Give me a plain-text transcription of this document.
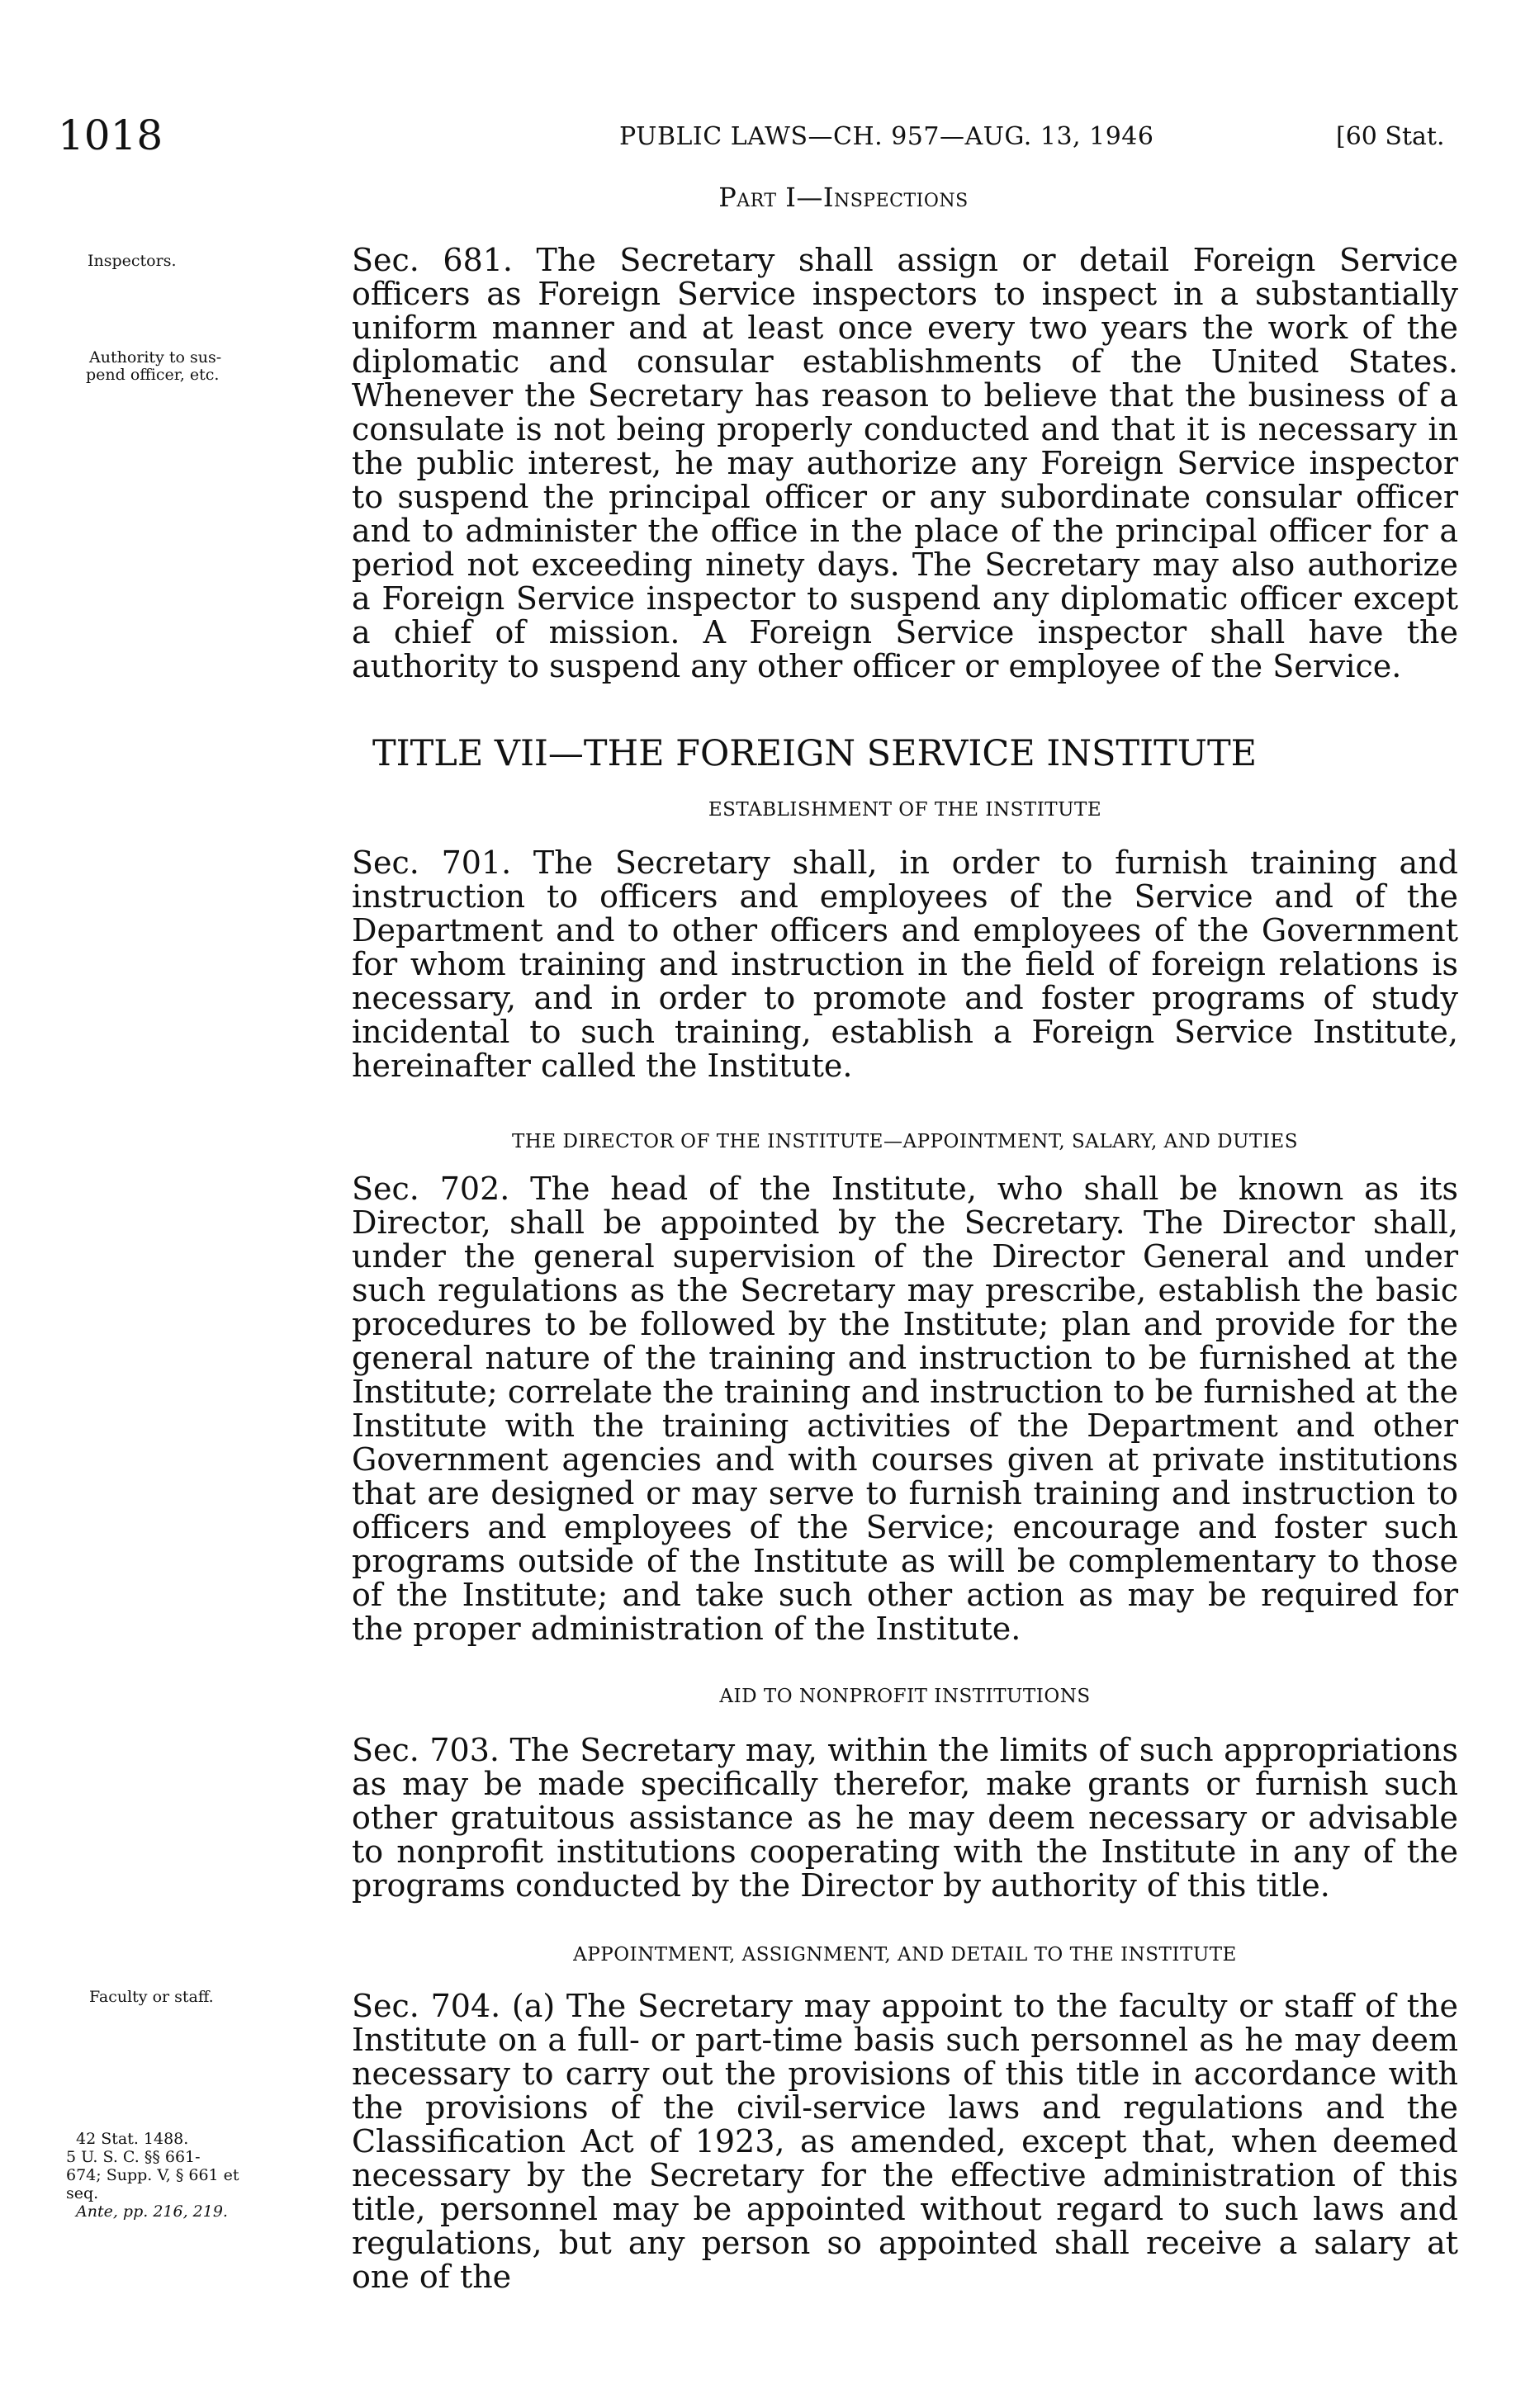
1018	PUBLIC LAWS—CH. 957—AUG. 13, 1946	[60 Stat.
Part I—Inspections
Inspectors.
Authority to sus-
pend officer, etc.
Faculty or staff.
42 Stat. 1488.
5 U. S. C. §§ 661-
674; Supp. V, § 661 et
seq.
Ante, pp. 216, 219.
Sec. 681. The Secretary shall assign or detail Foreign Service officers as Foreign Service inspectors to inspect in a substantially uniform manner and at least once every two years the work of the diplomatic and consular establishments of the United States. Whenever the Secretary has reason to believe that the business of a consulate is not being properly conducted and that it is necessary in the public interest, he may authorize any Foreign Service inspector to suspend the principal officer or any subordinate consular officer and to administer the office in the place of the principal officer for a period not exceeding ninety days. The Secretary may also authorize a Foreign Service inspector to suspend any diplomatic officer except a chief of mission. A Foreign Service inspector shall have the authority to suspend any other officer or employee of the Service.
TITLE VII—THE FOREIGN SERVICE INSTITUTE
ESTABLISHMENT OF THE INSTITUTE
Sec. 701. The Secretary shall, in order to furnish training and instruction to officers and employees of the Service and of the Department and to other officers and employees of the Government for whom training and instruction in the field of foreign relations is necessary, and in order to promote and foster programs of study incidental to such training, establish a Foreign Service Institute, hereinafter called the Institute.
THE DIRECTOR OF THE INSTITUTE—APPOINTMENT, SALARY, AND DUTIES
Sec. 702. The head of the Institute, who shall be known as its Director, shall be appointed by the Secretary. The Director shall, under the general supervision of the Director General and under such regulations as the Secretary may prescribe, establish the basic procedures to be followed by the Institute; plan and provide for the general nature of the training and instruction to be furnished at the Institute; correlate the training and instruction to be furnished at the Institute with the training activities of the Department and other Government agencies and with courses given at private institutions that are designed or may serve to furnish training and instruction to officers and employees of the Service; encourage and foster such programs outside of the Institute as will be complementary to those of the Institute; and take such other action as may be required for the proper administration of the Institute.
AID TO NONPROFIT INSTITUTIONS
Sec. 703. The Secretary may, within the limits of such appropriations as may be made specifically therefor, make grants or furnish such other gratuitous assistance as he may deem necessary or advisable to nonprofit institutions cooperating with the Institute in any of the programs conducted by the Director by authority of this title.
APPOINTMENT, ASSIGNMENT, AND DETAIL TO THE INSTITUTE
Sec. 704. (a) The Secretary may appoint to the faculty or staff of the Institute on a full- or part-time basis such personnel as he may deem necessary to carry out the provisions of this title in accordance with the provisions of the civil-service laws and regulations and the Classification Act of 1923, as amended, except that, when deemed necessary by the Secretary for the effective administration of this title, personnel may be appointed without regard to such laws and regulations, but any person so appointed shall receive a salary at one of the
